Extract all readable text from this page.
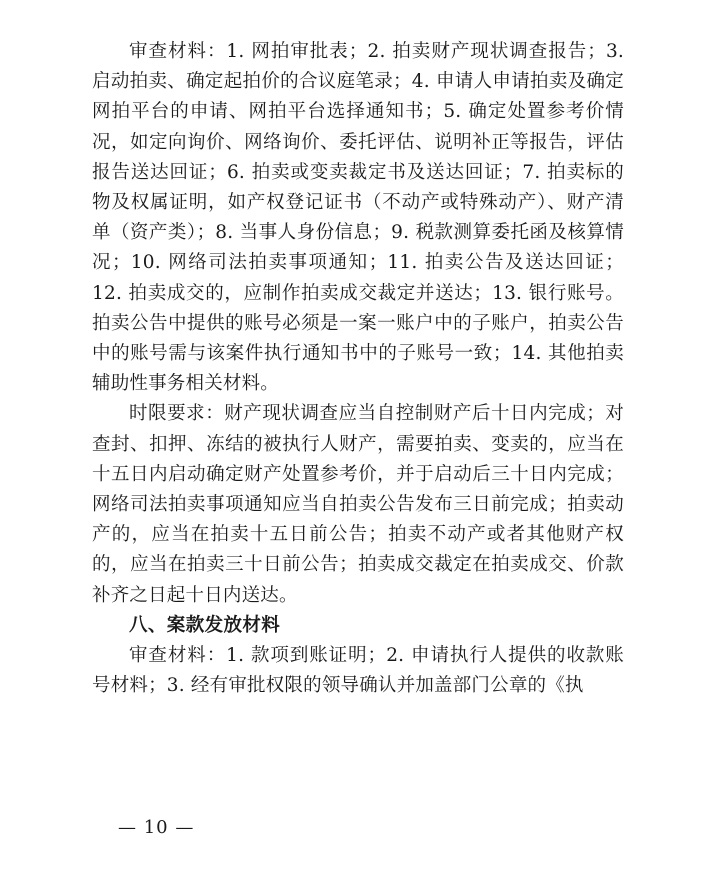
审查材料：1. 网拍审批表；2. 拍卖财产现状调查报告；3. 启动拍卖、确定起拍价的合议庭笔录；4. 申请人申请拍卖及确定网拍平台的申请、网拍平台选择通知书；5. 确定处置参考价情况，如定向询价、网络询价、委托评估、说明补正等报告，评估报告送达回证；6. 拍卖或变卖裁定书及送达回证；7. 拍卖标的物及权属证明，如产权登记证书（不动产或特殊动产）、财产清单（资产类）；8. 当事人身份信息；9. 税款测算委托函及核算情况；10. 网络司法拍卖事项通知；11. 拍卖公告及送达回证；12. 拍卖成交的，应制作拍卖成交裁定并送达；13. 银行账号。拍卖公告中提供的账号必须是一案一账户中的子账户，拍卖公告中的账号需与该案件执行通知书中的子账号一致；14. 其他拍卖辅助性事务相关材料。

时限要求：财产现状调查应当自控制财产后十日内完成；对查封、扣押、冻结的被执行人财产，需要拍卖、变卖的，应当在十五日内启动确定财产处置参考价，并于启动后三十日内完成；网络司法拍卖事项通知应当自拍卖公告发布三日前完成；拍卖动产的，应当在拍卖十五日前公告；拍卖不动产或者其他财产权的，应当在拍卖三十日前公告；拍卖成交裁定在拍卖成交、价款补齐之日起十日内送达。

八、案款发放材料

审查材料：1. 款项到账证明；2. 申请执行人提供的收款账号材料；3. 经有审批权限的领导确认并加盖部门公章的《执

— 10 —
